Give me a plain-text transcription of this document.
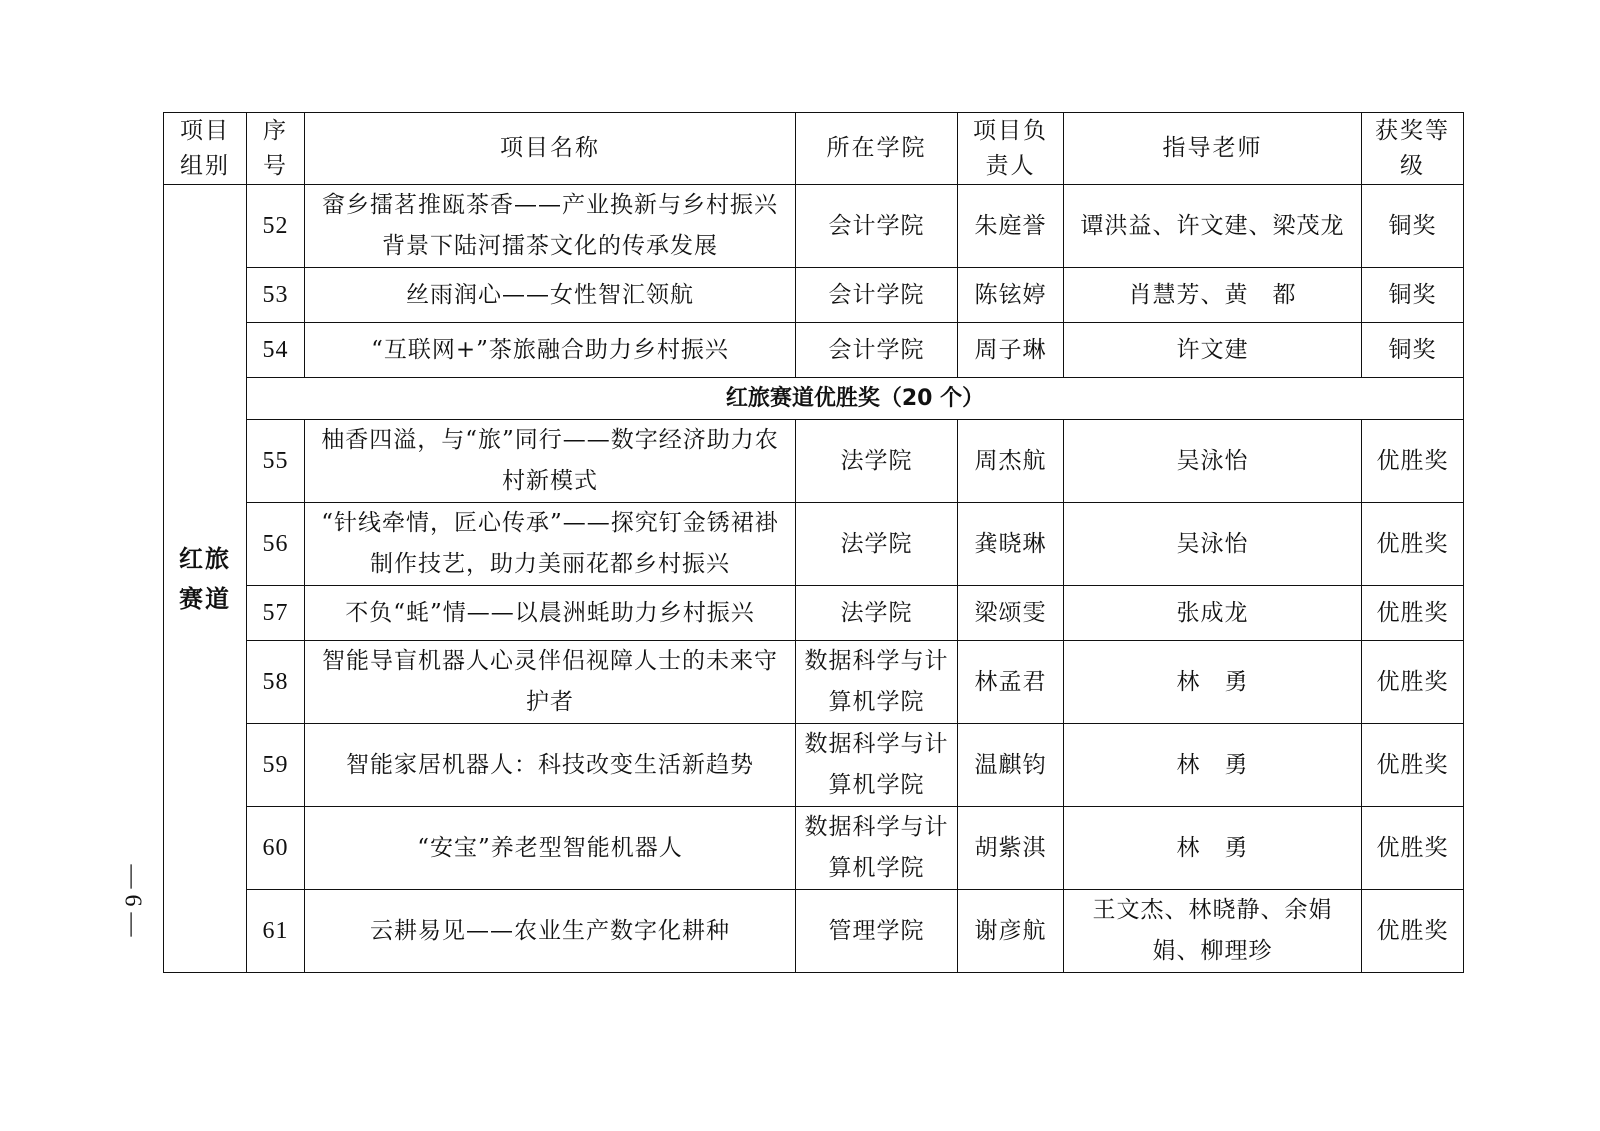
项目组别	序号	项目名称	所在学院	项目负责人	指导老师	获奖等级
红旅赛道	52	畲乡擂茗推瓯茶香——产业换新与乡村振兴背景下陆河擂茶文化的传承发展	会计学院	朱庭誉	谭洪益、许文建、梁茂龙	铜奖
	53	丝雨润心——女性智汇领航	会计学院	陈铉婷	肖慧芳、黄　都	铜奖
	54	“互联网+”茶旅融合助力乡村振兴	会计学院	周子琳	许文建	铜奖
	红旅赛道优胜奖（20 个）					
	55	柚香四溢，与“旅”同行——数字经济助力农村新模式	法学院	周杰航	吴泳怡	优胜奖
	56	“针线牵情，匠心传承”——探究钉金锈裙褂制作技艺，助力美丽花都乡村振兴	法学院	龚晓琳	吴泳怡	优胜奖
	57	不负“蚝”情——以晨洲蚝助力乡村振兴	法学院	梁颂雯	张成龙	优胜奖
	58	智能导盲机器人心灵伴侣视障人士的未来守护者	数据科学与计算机学院	林孟君	林　勇	优胜奖
	59	智能家居机器人：科技改变生活新趋势	数据科学与计算机学院	温麒钧	林　勇	优胜奖
	60	“安宝”养老型智能机器人	数据科学与计算机学院	胡紫淇	林　勇	优胜奖
	61	云耕易见——农业生产数字化耕种	管理学院	谢彦航	王文杰、林晓静、余娟娟、柳理珍	优胜奖
— 6 —
